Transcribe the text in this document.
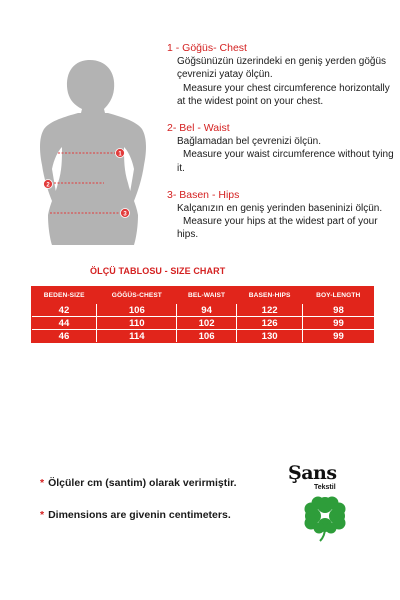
1
2
3
1 - Göğüs- Chest
Göğsünüzün üzerindeki en geniş yerden göğüs çevrenizi yatay ölçün.
Measure your chest circumference horizontally at the widest point on your chest.
2- Bel - Waist
Bağlamadan bel çevrenizi ölçün.
Measure your waist circumference without tying it.
3- Basen - Hips
Kalçanızın en geniş yerinden baseninizi ölçün.
Measure your hips at the widest part of your hips.
ÖLÇÜ TABLOSU - SIZE CHART
BEDEN-SIZE	GÖĞÜS-CHEST	BEL-WAIST	BASEN-HIPS	BOY-LENGTH
42	106	94	122	98
44	110	102	126	99
46	114	106	130	99
* Ölçüler cm (santim) olarak verirmiştir.
* Dimensions are givenin centimeters.
Şans
Tekstil
